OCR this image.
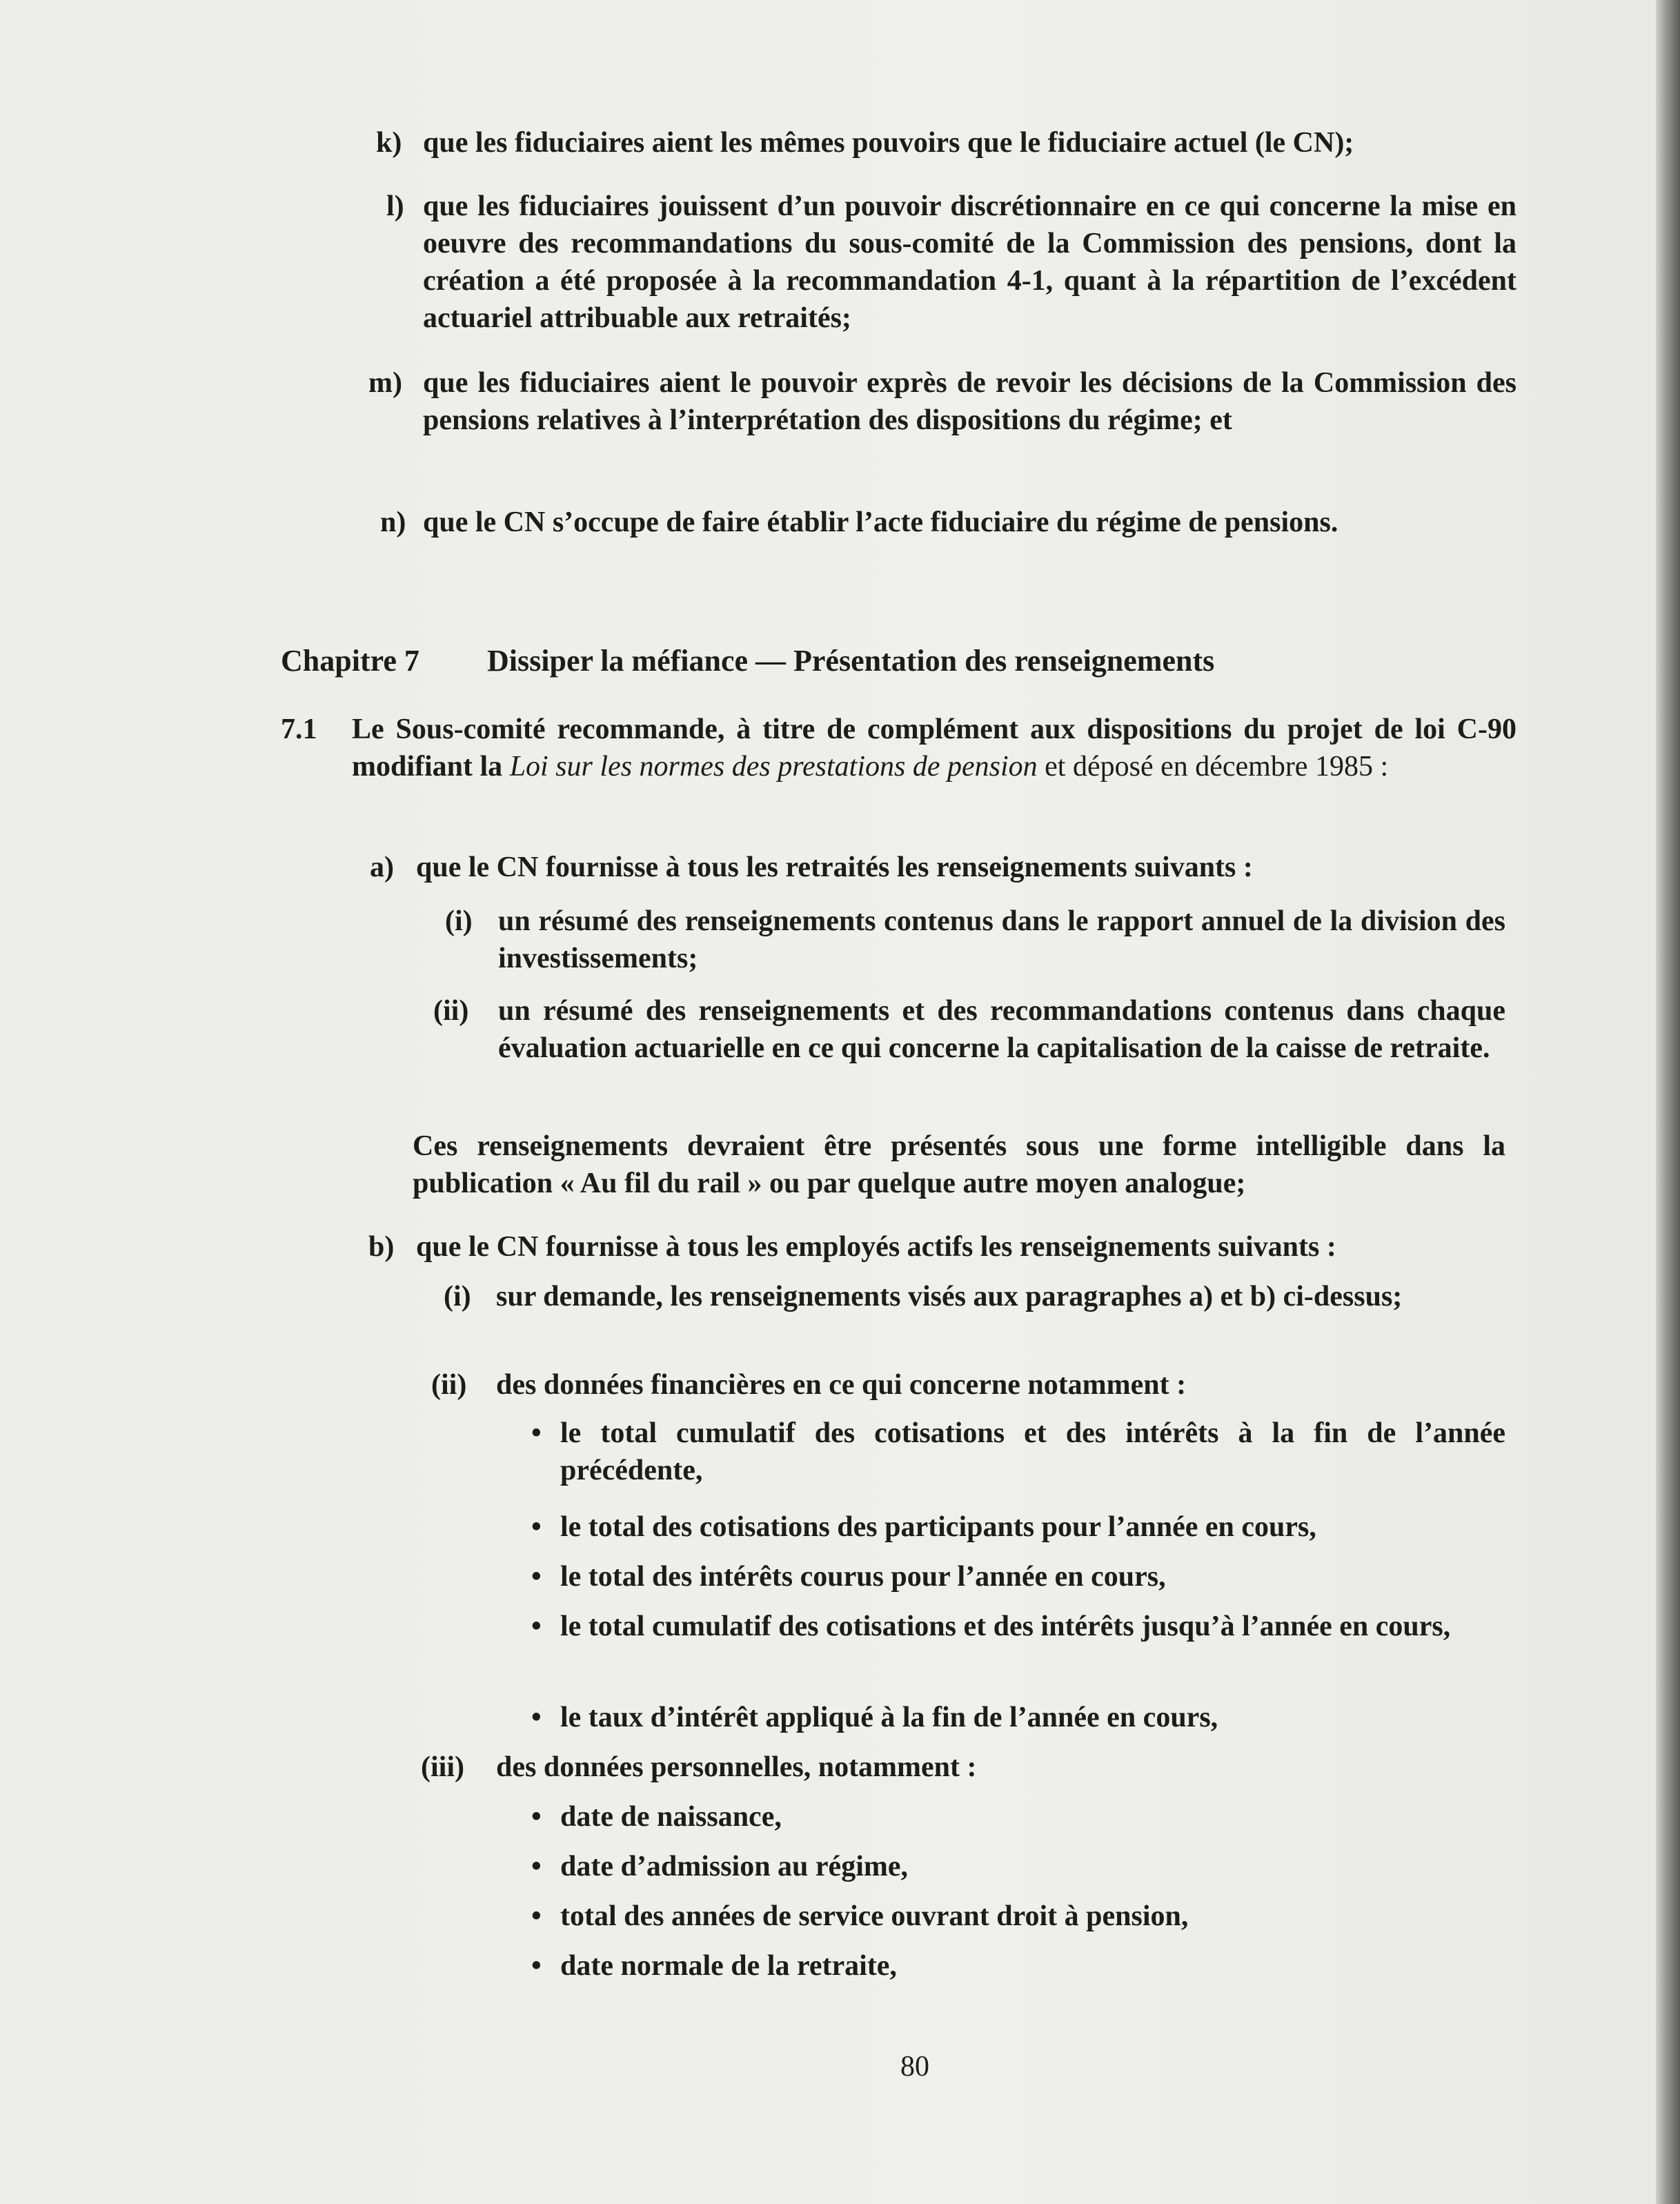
k) que les fiduciaires aient les mêmes pouvoirs que le fiduciaire actuel (le CN);
l) que les fiduciaires jouissent d’un pouvoir discrétionnaire en ce qui concerne la mise en oeuvre des recommandations du sous-comité de la Commission des pensions, dont la création a été proposée à la recommandation 4-1, quant à la répartition de l’excédent actuariel attribuable aux retraités;
m) que les fiduciaires aient le pouvoir exprès de revoir les décisions de la Commission des pensions relatives à l’interprétation des dispositions du régime; et
n) que le CN s’occupe de faire établir l’acte fiduciaire du régime de pensions.
Chapitre 7 Dissiper la méfiance — Présentation des renseignements
7.1 Le Sous-comité recommande, à titre de complément aux dispositions du projet de loi C-90 modifiant la Loi sur les normes des prestations de pension et déposé en décembre 1985 :
a) que le CN fournisse à tous les retraités les renseignements suivants :
(i) un résumé des renseignements contenus dans le rapport annuel de la division des investissements;
(ii) un résumé des renseignements et des recommandations contenus dans chaque évaluation actuarielle en ce qui concerne la capitalisation de la caisse de retraite.
Ces renseignements devraient être présentés sous une forme intelligible dans la publication « Au fil du rail » ou par quelque autre moyen analogue;
b) que le CN fournisse à tous les employés actifs les renseignements suivants :
(i) sur demande, les renseignements visés aux paragraphes a) et b) ci-dessus;
(ii) des données financières en ce qui concerne notamment :
• le total cumulatif des cotisations et des intérêts à la fin de l’année précédente,
• le total des cotisations des participants pour l’année en cours,
• le total des intérêts courus pour l’année en cours,
• le total cumulatif des cotisations et des intérêts jusqu’à l’année en cours,
• le taux d’intérêt appliqué à la fin de l’année en cours,
(iii) des données personnelles, notamment :
• date de naissance,
• date d’admission au régime,
• total des années de service ouvrant droit à pension,
• date normale de la retraite,
80
